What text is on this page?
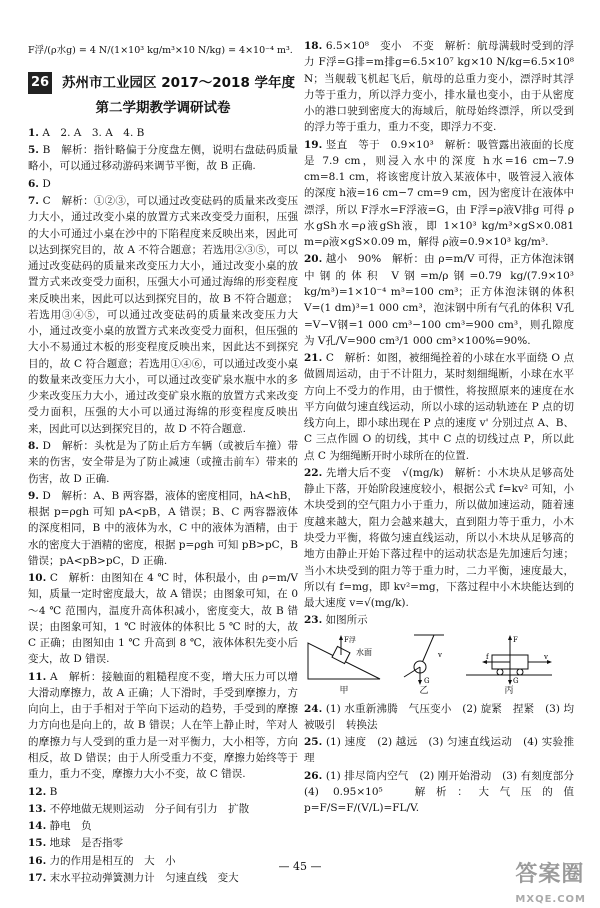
F浮/(ρ水g) = 4 N/(1×10³ kg/m³×10 N/kg) = 4×10⁻⁴ m³.
26 苏州市工业园区 2017～2018 学年度
第二学期教学调研试卷

1. A　2. A　3. A　4. B

5. B　解析：指针略偏于分度盘左侧，说明右盘砝码质量略小，可以通过移动游码来调节平衡，故 B 正确.

6. D

7. C　解析：①②③，可以通过改变砝码的质量来改变压力大小，通过改变小桌的放置方式来改变受力面积，压强的大小可通过小桌在沙中的下陷程度来反映出来，因此可以达到探究目的，故 A 不符合题意；若选用②③⑤，可以通过改变砝码的质量来改变压力大小，通过改变小桌的放置方式来改变受力面积，压强大小可通过海绵的形变程度来反映出来，因此可以达到探究目的，故 B 不符合题意；若选用③④⑤，可以通过改变砝码的质量来改变压力大小，通过改变小桌的放置方式来改变受力面积，但压强的大小不易通过木板的形变程度反映出来，因此达不到探究目的，故 C 符合题意；若选用①④⑥，可以通过改变小桌的数量来改变压力大小，可以通过改变矿泉水瓶中水的多少来改变压力大小，通过改变矿泉水瓶的放置方式来改变受力面积，压强的大小可以通过海绵的形变程度反映出来，因此可以达到探究目的，故 D 不符合题意.

8. D　解析：头枕是为了防止后方车辆（或被后车撞）带来的伤害，安全带是为了防止减速（或撞击前车）带来的伤害，故 D 正确.

9. D　解析：A、B 两容器，液体的密度相同，hA<hB，根据 p=ρgh 可知 pA<pB，A 错误；B、C 两容器液体的深度相同，B 中的液体为水，C 中的液体为酒精，由于水的密度大于酒精的密度，根据 p=ρgh 可知 pB>pC，B 错误；pA<pB>pC，D 正确.

10. C　解析：由图知在 4 ℃ 时，体积最小，由 ρ=m/V 知，质量一定时密度最大，故 A 错误；由图象可知，在 0～4 ℃ 范围内，温度升高体积减小，密度变大，故 B 错误；由图象可知，1 ℃ 时液体的体积比 5 ℃ 时的大，故 C 正确；由图知由 1 ℃ 升高到 8 ℃，液体体积先变小后变大，故 D 错误.

11. A　解析：接触面的粗糙程度不变，增大压力可以增大滑动摩擦力，故 A 正确；人下滑时，手受到摩擦力，方向向上，由于手相对于竿向下运动的趋势，手受到的摩擦力方向也是向上的，故 B 错误；人在竿上静止时，竿对人的摩擦力与人受到的重力是一对平衡力，大小相等，方向相反，故 D 错误；由于人所受重力不变，摩擦力始终等于重力，重力不变，摩擦力大小不变，故 C 错误.

12. B

13. 不停地做无规则运动　分子间有引力　扩散

14. 静电　负

15. 地球　是否指零

16. 力的作用是相互的　大　小

17. 末水平拉动弹簧测力计　匀速直线　变大

18. 6.5×10⁸　变小　不变　解析：航母满载时受到的浮力 F浮=G排=m排g=6.5×10⁷ kg×10 N/kg=6.5×10⁸ N；当舰载飞机起飞后，航母的总重力变小，漂浮时其浮力等于重力，所以浮力变小，排水量也变小，由于从密度小的港口驶到密度大的海域后，航母始终漂浮，所以受到的浮力等于重力，重力不变，即浮力不变.

19. 竖直　等于　0.9×10³　解析：吸管露出液面的长度是 7.9 cm，则浸入水中的深度 h水=16 cm−7.9 cm=8.1 cm，将该密度计放入某液体中，吸管浸入液体的深度 h液=16 cm−7 cm=9 cm，因为密度计在液体中漂浮，所以 F浮水=F浮液=G，由 F浮=ρ液V排g 可得 ρ水gSh水=ρ液gSh液，即 1×10³ kg/m³×gS×0.081 m=ρ液×gS×0.09 m，解得 ρ液=0.9×10³ kg/m³.

20. 越小　90%　解析：由 ρ=m/V 可得，正方体泡沫钢中钢的体积 V钢=m/ρ钢=0.79 kg/(7.9×10³ kg/m³)=1×10⁻⁴ m³=100 cm³；正方体泡沫钢的体积 V=(1 dm)³=1 000 cm³，泡沫钢中所有气孔的体积 V孔=V−V钢=1 000 cm³−100 cm³=900 cm³，则孔隙度为 V孔/V=900 cm³/1 000 cm³×100%=90%.

21. C　解析：如图，被细绳拴着的小球在水平面绕 O 点做圆周运动，由于不计阻力，某时刻细绳断，小球在水平方向上不受力的作用，由于惯性，将按照原来的速度在水平方向做匀速直线运动，所以小球的运动轨迹在 P 点的切线方向上，即小球出现在 P 点的速度 v' 分别过点 A、B、C 三点作圆 O 的切线，其中 C 点的切线过点 P，所以此点 C 为细绳断开时小球所在的位置.

22. 先增大后不变　√(mg/k)　解析：小木块从足够高处静止下落，开始阶段速度较小，根据公式 f=kv² 可知，小木块受到的空气阻力小于重力，所以做加速运动，随着速度越来越大，阻力会越来越大，直到阻力等于重力，小木块受力平衡，将做匀速直线运动，所以小木块从足够高的地方由静止开始下落过程中的运动状态是先加速后匀速；当小木块受到的阻力等于重力时，二力平衡，速度最大，所以有 f=mg，即 kv²=mg，下落过程中小木块能达到的最大速度 v=√(mg/k).

23. 如图所示

F浮
水面
甲
G
v
乙
F
G
f	v
丙

24. (1) 水重新沸腾　气压变小　(2) 旋紧　捏紧　(3) 均被吸引　转换法

25. (1) 速度　(2) 越远　(3) 匀速直线运动　(4) 实验推理

26. (1) 排尽筒内空气　(2) 刚开始滑动　(3) 有刻度部分　(4) 0.95×10⁵　解析：大气压的值 p=F/S=F/(V/L)=FL/V.

— 45 —	答案圈
MXQE.COM
